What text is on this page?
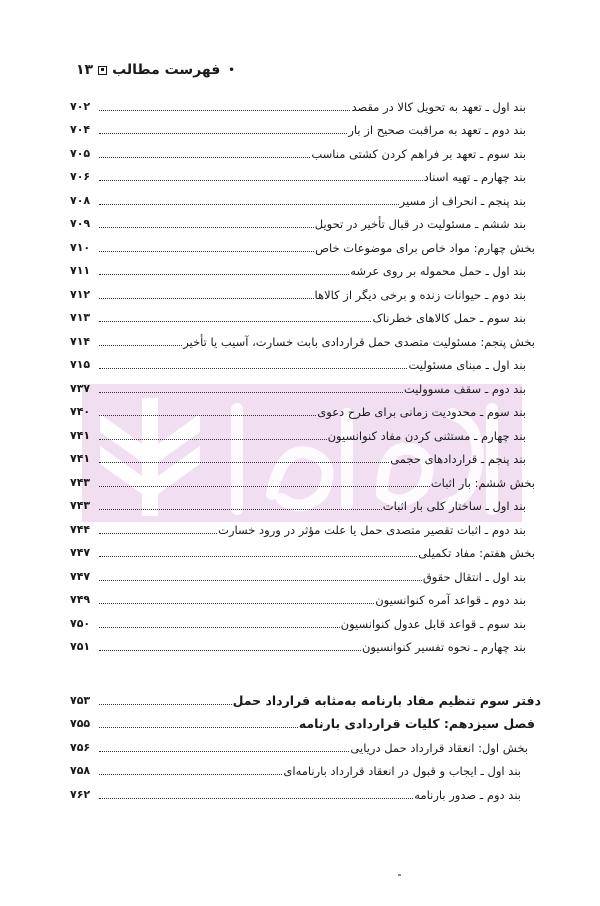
•
فهرست مطالب
۱۳
بند اول ـ تعهد به تحویل کالا در مقصد
۷۰۲
بند دوم ـ تعهد به مراقبت صحیح از بار
۷۰۴
بند سوم ـ تعهد بر فراهم کردن کشتی مناسب
۷۰۵
بند چهارم ـ تهیه اسناد
۷۰۶
بند پنجم ـ انحراف از مسیر
۷۰۸
بند ششم ـ مسئولیت در قبال تأخیر در تحویل
۷۰۹
بخش چهارم: مواد خاص برای موضوعات خاص
۷۱۰
بند اول ـ حمل محموله بر روی عرشه
۷۱۱
بند دوم ـ حیوانات زنده و برخی دیگر از کالاها
۷۱۲
بند سوم ـ حمل کالاهای خطرناک
۷۱۳
بخش پنجم: مسئولیت متصدی حمل قراردادی بابت خسارت، آسیب یا تأخیر
۷۱۴
بند اول ـ مبنای مسئولیت
۷۱۵
بند دوم ـ سقف مسوولیت
۷۳۷
بند سوم ـ محدودیت زمانی برای طرح دعوی
۷۴۰
بند چهارم ـ مستثنی کردن مفاد کنوانسیون
۷۴۱
بند پنجم ـ قراردادهای حجمی
۷۴۱
بخش ششم: بار اثبات
۷۴۳
بند اول ـ ساختار کلی بار اثبات
۷۴۳
بند دوم ـ اثبات تقصیر متصدی حمل یا علت مؤثر در ورود خسارت
۷۴۴
بخش هفتم: مفاد تکمیلی
۷۴۷
بند اول ـ انتقال حقوق
۷۴۷
بند دوم ـ قواعد آمره کنوانسیون
۷۴۹
بند سوم ـ قواعد قابل عدول کنوانسیون
۷۵۰
بند چهارم ـ نحوه تفسیر کنوانسیون
۷۵۱
دفتر سوم تنظیم مفاد بارنامه به‌مثابه قرارداد حمل
۷۵۳
فصل سیزدهم: کلیات قراردادی بارنامه
۷۵۵
بخش اول: انعقاد قرارداد حمل دریایی
۷۵۶
بند اول ـ ایجاب و قبول در انعقاد قرارداد بارنامه‌ای
۷۵۸
بند دوم ـ صدور بارنامه
۷۶۲
